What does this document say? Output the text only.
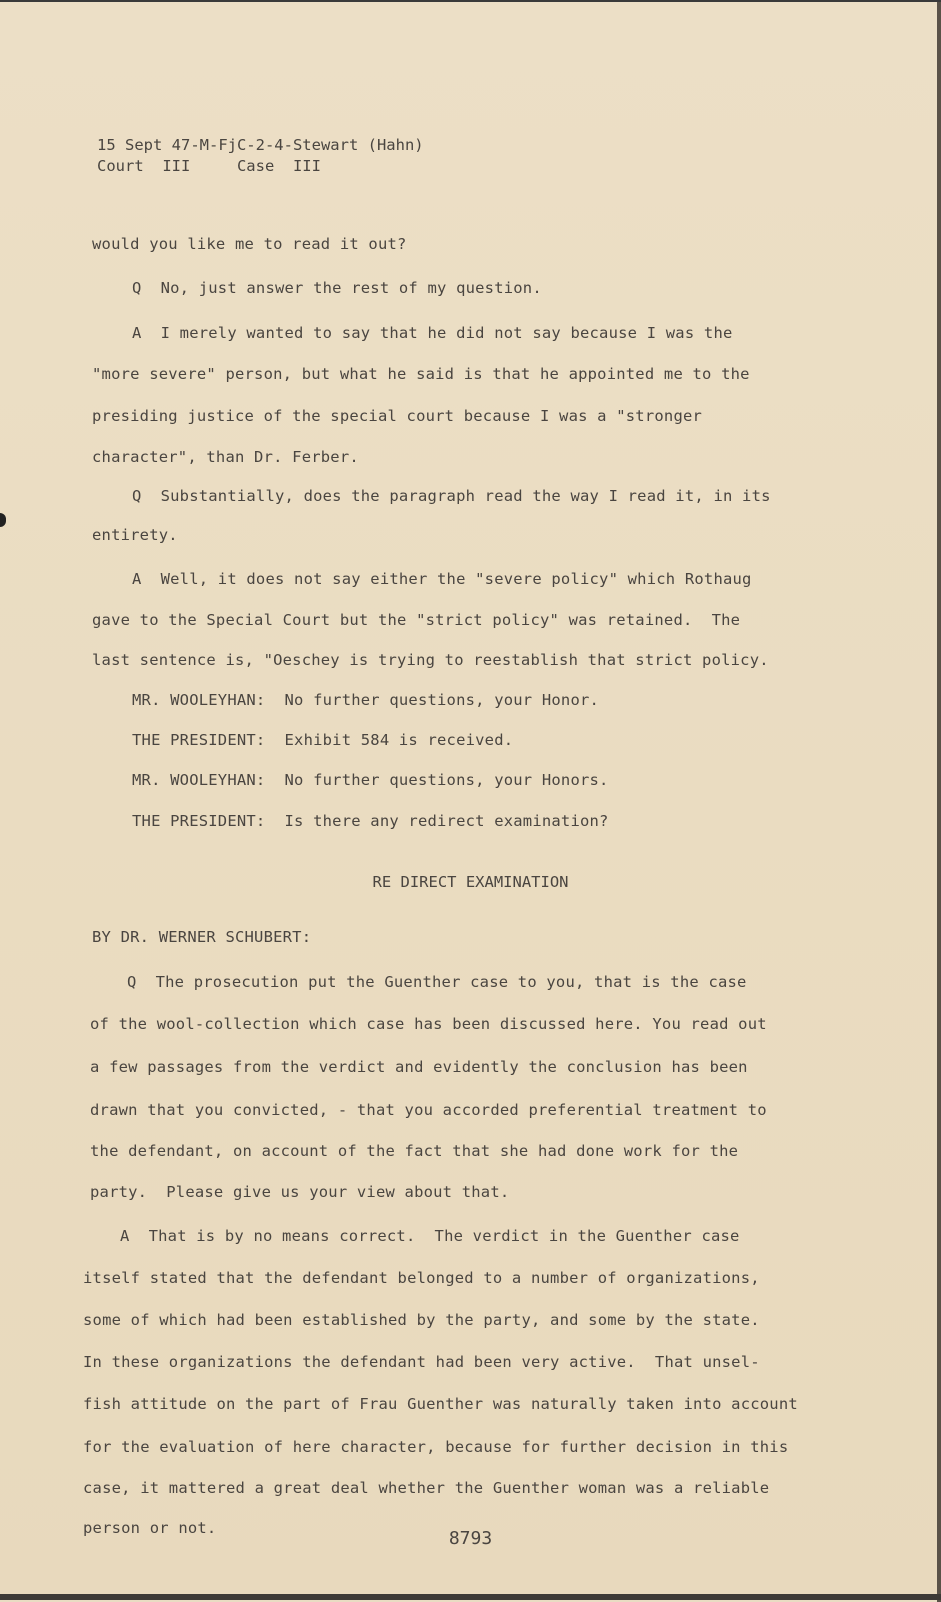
15 Sept 47-M-FjC-2-4-Stewart (Hahn)
Court  III     Case  III
would you like me to read it out?
Q  No, just answer the rest of my question.
A  I merely wanted to say that he did not say because I was the
"more severe" person, but what he said is that he appointed me to the
presiding justice of the special court because I was a "stronger
character", than Dr. Ferber.
Q  Substantially, does the paragraph read the way I read it, in its
entirety.
A  Well, it does not say either the "severe policy" which Rothaug
gave to the Special Court but the "strict policy" was retained.  The
last sentence is, "Oeschey is trying to reestablish that strict policy.
MR. WOOLEYHAN:  No further questions, your Honor.
THE PRESIDENT:  Exhibit 584 is received.
MR. WOOLEYHAN:  No further questions, your Honors.
THE PRESIDENT:  Is there any redirect examination?
RE DIRECT EXAMINATION
BY DR. WERNER SCHUBERT:
Q  The prosecution put the Guenther case to you, that is the case
of the wool-collection which case has been discussed here. You read out
a few passages from the verdict and evidently the conclusion has been
drawn that you convicted, - that you accorded preferential treatment to
the defendant, on account of the fact that she had done work for the
party.  Please give us your view about that.
A  That is by no means correct.  The verdict in the Guenther case
itself stated that the defendant belonged to a number of organizations,
some of which had been established by the party, and some by the state.
In these organizations the defendant had been very active.  That unsel-
fish attitude on the part of Frau Guenther was naturally taken into account
for the evaluation of here character, because for further decision in this
case, it mattered a great deal whether the Guenther woman was a reliable
person or not.	8793
